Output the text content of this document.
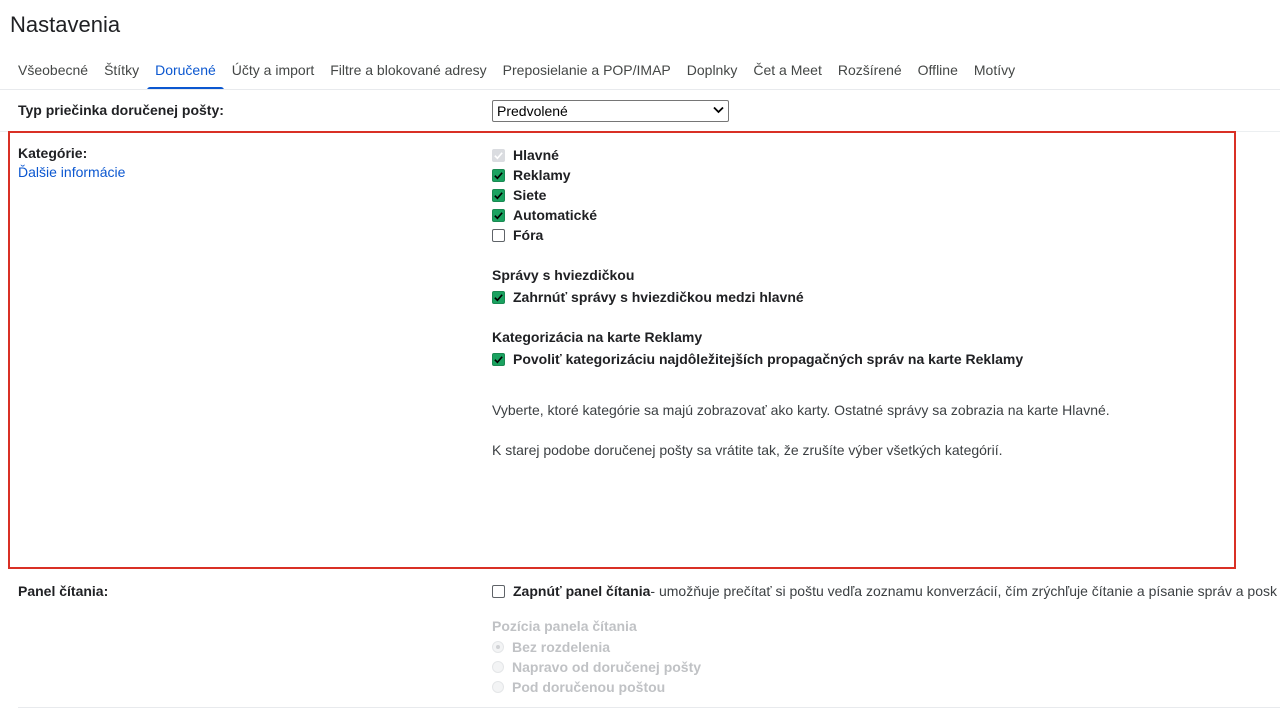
Nastavenia
Všeobecné	Štítky	Doručené	Účty a import	Filtre a blokované adresy	Preposielanie a POP/IMAP	Doplnky	Čet a Meet	Rozšírené	Offline	Motívy
Typ priečinka doručenej pošty:	Predvolené
Kategórie:
Ďalšie informácie
Hlavné
Reklamy
Siete
Automatické
Fóra
Správy s hviezdičkou
Zahrnúť správy s hviezdičkou medzi hlavné
Kategorizácia na karte Reklamy
Povoliť kategorizáciu najdôležitejších propagačných správ na karte Reklamy
Vyberte, ktoré kategórie sa majú zobrazovať ako karty. Ostatné správy sa zobrazia na karte Hlavné.
K starej podobe doručenej pošty sa vrátite tak, že zrušíte výber všetkých kategórií.
Panel čítania:	Zapnúť panel čítania - umožňuje prečítať si poštu vedľa zoznamu konverzácií, čím zrýchľuje čítanie a písanie správ a posk
Pozícia panela čítania
Bez rozdelenia
Napravo od doručenej pošty
Pod doručenou poštou
